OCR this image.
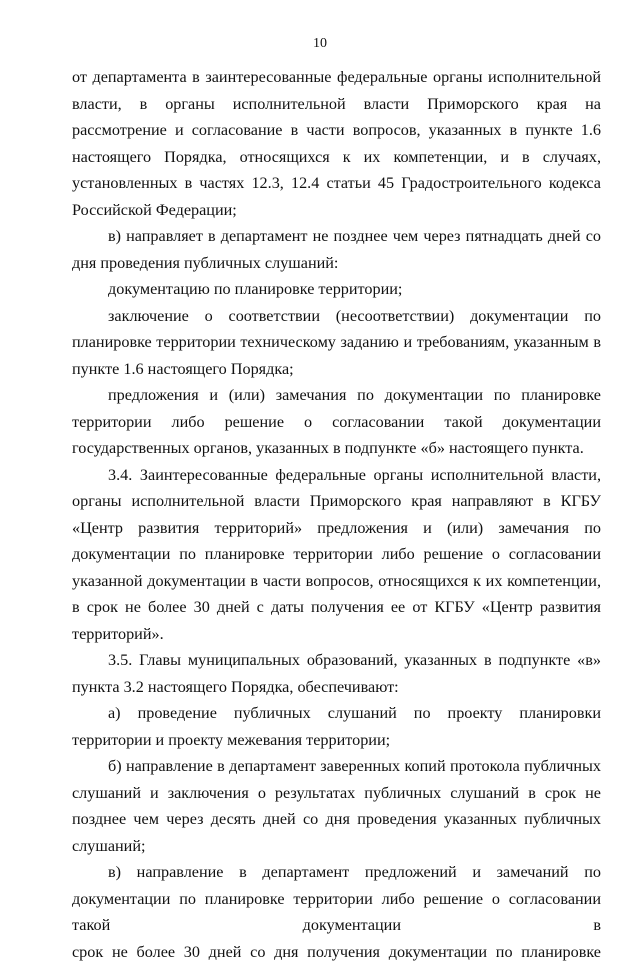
10

от департамента в заинтересованные федеральные органы исполнительной власти, в органы исполнительной власти Приморского края на рассмотрение и согласование в части вопросов, указанных в пункте 1.6 настоящего Порядка, относящихся к их компетенции, и в случаях, установленных в частях 12.3, 12.4 статьи 45 Градостроительного кодекса Российской Федерации;

в) направляет в департамент не позднее чем через пятнадцать дней со дня проведения публичных слушаний:

документацию по планировке территории;

заключение о соответствии (несоответствии) документации по планировке территории техническому заданию и требованиям, указанным в пункте 1.6 настоящего Порядка;

предложения и (или) замечания по документации по планировке территории либо решение о согласовании такой документации государственных органов, указанных в подпункте «б» настоящего пункта.

3.4. Заинтересованные федеральные органы исполнительной власти, органы исполнительной власти Приморского края направляют в КГБУ «Центр развития территорий» предложения и (или) замечания по документации по планировке территории либо решение о согласовании указанной документации в части вопросов, относящихся к их компетенции, в срок не более 30 дней с даты получения ее от КГБУ «Центр развития территорий».

3.5. Главы муниципальных образований, указанных в подпункте «в» пункта 3.2 настоящего Порядка, обеспечивают:

а) проведение публичных слушаний по проекту планировки территории и проекту межевания территории;

б) направление в департамент заверенных копий протокола публичных слушаний и заключения о результатах публичных слушаний в срок не позднее чем через десять дней со дня проведения указанных публичных слушаний;

в) направление в департамент предложений и замечаний по документации по планировке территории либо решение о согласовании такой документации в

срок не более 30 дней со дня получения документации по планировке
